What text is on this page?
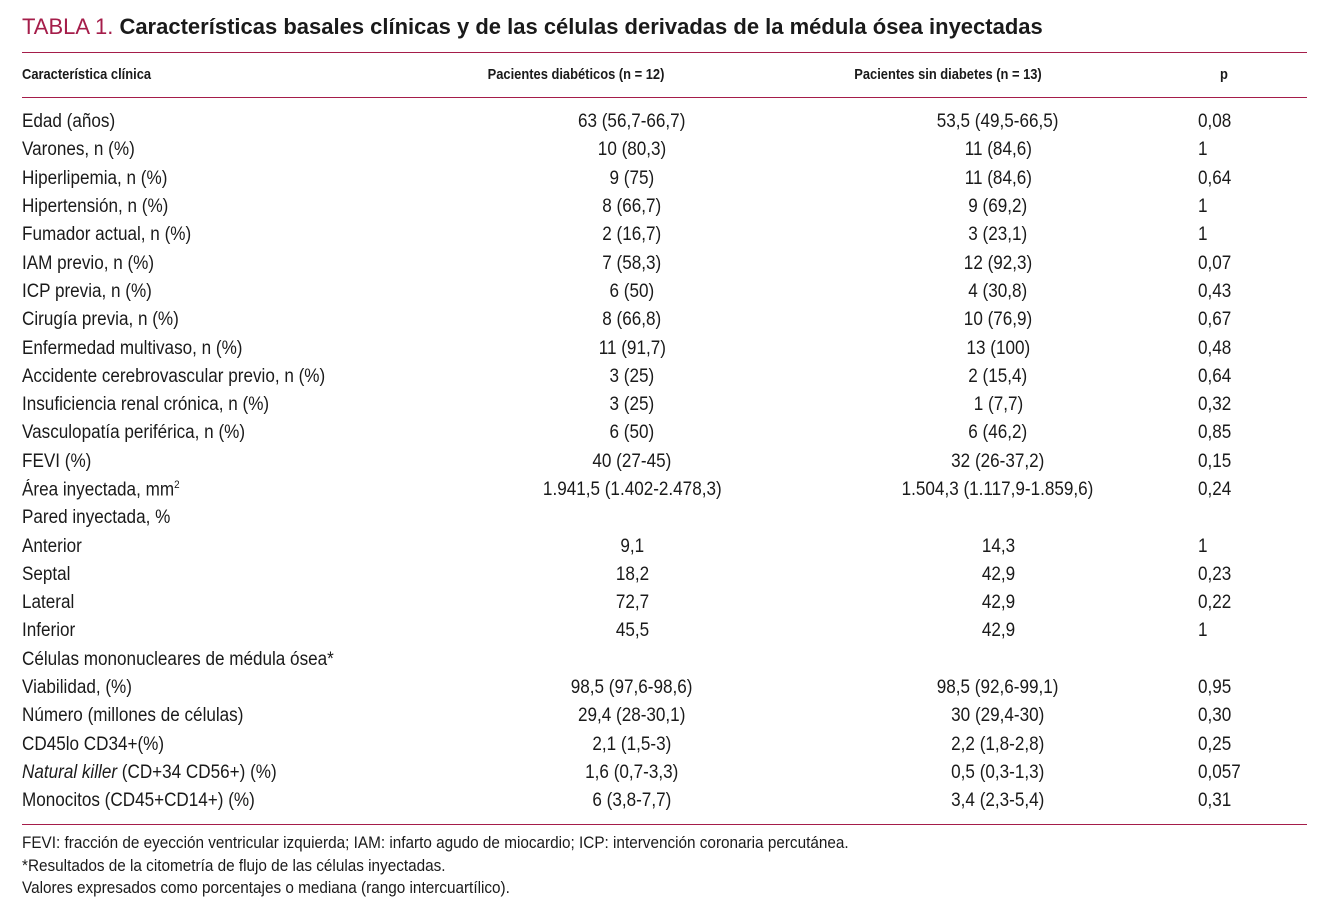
TABLA 1. Características basales clínicas y de las células derivadas de la médula ósea inyectadas
Característica clínica	Pacientes diabéticos (n = 12)	Pacientes sin diabetes (n = 13)	p
Edad (años)	63 (56,7-66,7)	53,5 (49,5-66,5)	0,08
Varones, n (%)	10 (80,3)	11 (84,6)	1
Hiperlipemia, n (%)	9 (75)	11 (84,6)	0,64
Hipertensión, n (%)	8 (66,7)	9 (69,2)	1
Fumador actual, n (%)	2 (16,7)	3 (23,1)	1
IAM previo, n (%)	7 (58,3)	12 (92,3)	0,07
ICP previa, n (%)	6 (50)	4 (30,8)	0,43
Cirugía previa, n (%)	8 (66,8)	10 (76,9)	0,67
Enfermedad multivaso, n (%)	11 (91,7)	13 (100)	0,48
Accidente cerebrovascular previo, n (%)	3 (25)	2 (15,4)	0,64
Insuficiencia renal crónica, n (%)	3 (25)	1 (7,7)	0,32
Vasculopatía periférica, n (%)	6 (50)	6 (46,2)	0,85
FEVI (%)	40 (27-45)	32 (26-37,2)	0,15
Área inyectada, $mm^2$	1.941,5 (1.402-2.478,3)	1.504,3 (1.117,9-1.859,6)	0,24
Pared inyectada, %			
Anterior	9,1	14,3	1
Septal	18,2	42,9	0,23
Lateral	72,7	42,9	0,22
Inferior	45,5	42,9	1
Células mononucleares de médula ósea*			
Viabilidad, (%)	98,5 (97,6-98,6)	98,5 (92,6-99,1)	0,95
Número (millones de células)	29,4 (28-30,1)	30 (29,4-30)	0,30
CD45lo CD34+(%)	2,1 (1,5-3)	2,2 (1,8-2,8)	0,25
Natural killer (CD+34 CD56+) (%)	1,6 (0,7-3,3)	0,5 (0,3-1,3)	0,057
Monocitos (CD45+CD14+) (%)	6 (3,8-7,7)	3,4 (2,3-5,4)	0,31
FEVI: fracción de eyección ventricular izquierda; IAM: infarto agudo de miocardio; ICP: intervención coronaria percutánea.
*Resultados de la citometría de flujo de las células inyectadas.
Valores expresados como porcentajes o mediana (rango intercuartílico).
